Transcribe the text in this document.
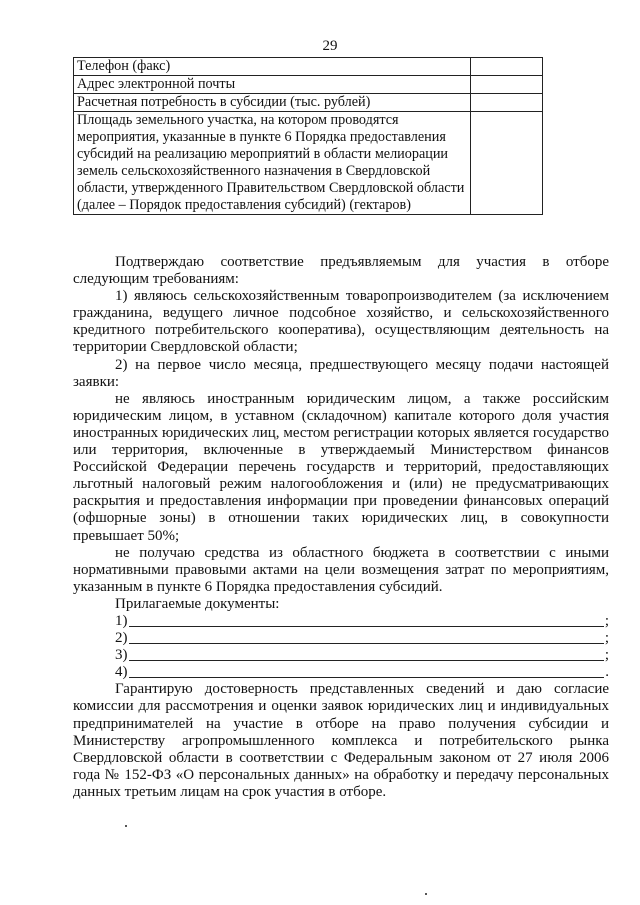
29
Телефон (факс)	
Адрес электронной почты	
Расчетная потребность в субсидии (тыс. рублей)	
Площадь земельного участка, на котором проводятся мероприятия, указанные в пункте 6 Порядка предоставления субсидий на реализацию мероприятий в области мелиорации земель сельскохозяйственного назначения в Свердловской области, утвержденного Правительством Свердловской области (далее – Порядок предоставления субсидий) (гектаров)	

Подтверждаю соответствие предъявляемым для участия в отборе следующим требованиям:

1) являюсь сельскохозяйственным товаропроизводителем (за исключением гражданина, ведущего личное подсобное хозяйство, и сельскохозяйственного кредитного потребительского кооператива), осуществляющим деятельность на территории Свердловской области;

2) на первое число месяца, предшествующего месяцу подачи настоящей заявки:

не являюсь иностранным юридическим лицом, а также российским юридическим лицом, в уставном (складочном) капитале которого доля участия иностранных юридических лиц, местом регистрации которых является государство или территория, включенные в утверждаемый Министерством финансов Российской Федерации перечень государств и территорий, предоставляющих льготный налоговый режим налогообложения и (или) не предусматривающих раскрытия и предоставления информации при проведении финансовых операций (офшорные зоны) в отношении таких юридических лиц, в совокупности превышает 50%;

не получаю средства из областного бюджета в соответствии с иными нормативными правовыми актами на цели возмещения затрат по мероприятиям, указанным в пункте 6 Порядка предоставления субсидий.

Прилагаемые документы:

1)	;
2)	;
3)	;
4)	.

Гарантирую достоверность представленных сведений и даю согласие комиссии для рассмотрения и оценки заявок юридических лиц и индивидуальных предпринимателей на участие в отборе на право получения субсидии и Министерству агропромышленного комплекса и потребительского рынка Свердловской области в соответствии с Федеральным законом от 27 июля 2006 года № 152-ФЗ «О персональных данных» на обработку и передачу персональных данных третьим лицам на срок участия в отборе.
